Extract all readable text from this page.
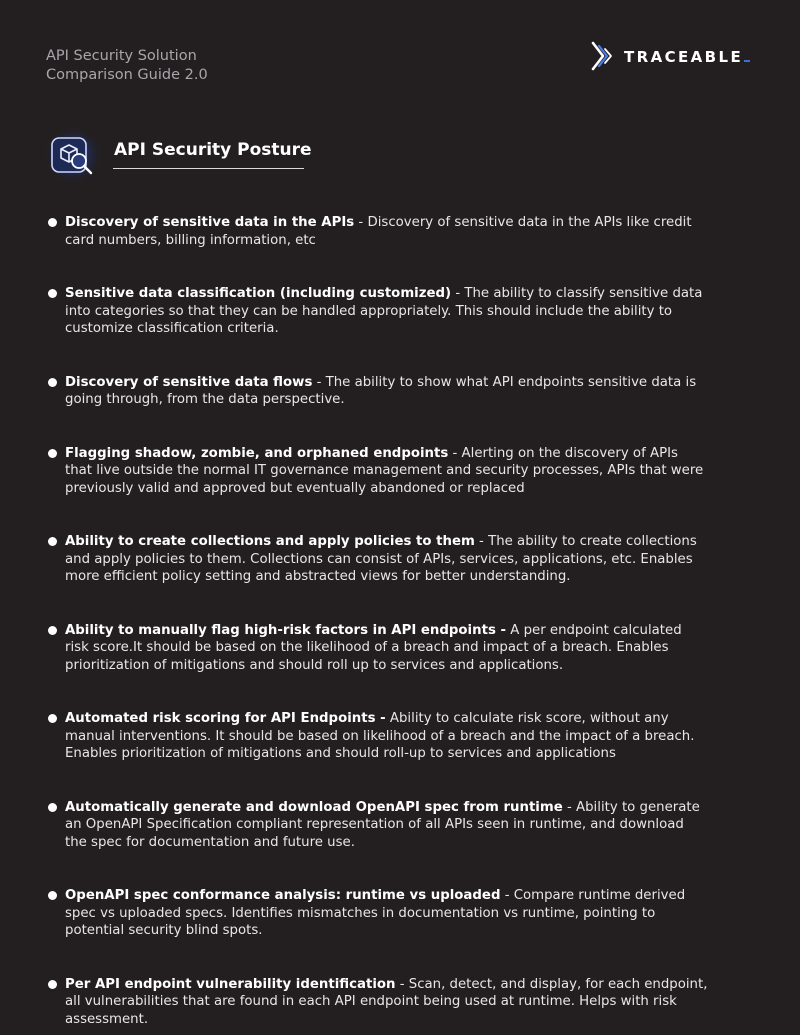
API Security Solution
Comparison Guide 2.0
TRACEABLE
API Security Posture
Discovery of sensitive data in the APIs - Discovery of sensitive data in the APIs like credit card numbers, billing information, etc
Sensitive data classification (including customized) - The ability to classify sensitive data into categories so that they can be handled appropriately. This should include the ability to customize classification criteria.
Discovery of sensitive data flows - The ability to show what API endpoints sensitive data is going through, from the data perspective.
Flagging shadow, zombie, and orphaned endpoints - Alerting on the discovery of APIs that live outside the normal IT governance management and security processes, APIs that were previously valid and approved but eventually abandoned or replaced
Ability to create collections and apply policies to them - The ability to create collections and apply policies to them. Collections can consist of APIs, services, applications, etc. Enables more efficient policy setting and abstracted views for better understanding.
Ability to manually flag high-risk factors in API endpoints - A per endpoint calculated risk score.It should be based on the likelihood of a breach and impact of a breach. Enables prioritization of mitigations and should roll up to services and applications.
Automated risk scoring for API Endpoints - Ability to calculate risk score, without any manual interventions. It should be based on likelihood of a breach and the impact of a breach. Enables prioritization of mitigations and should roll-up to services and applications
Automatically generate and download OpenAPI spec from runtime - Ability to generate an OpenAPI Specification compliant representation of all APIs seen in runtime, and download the spec for documentation and future use.
OpenAPI spec conformance analysis: runtime vs uploaded - Compare runtime derived spec vs uploaded specs. Identifies mismatches in documentation vs runtime, pointing to potential security blind spots.
Per API endpoint vulnerability identification - Scan, detect, and display, for each endpoint, all vulnerabilities that are found in each API endpoint being used at runtime. Helps with risk assessment.
